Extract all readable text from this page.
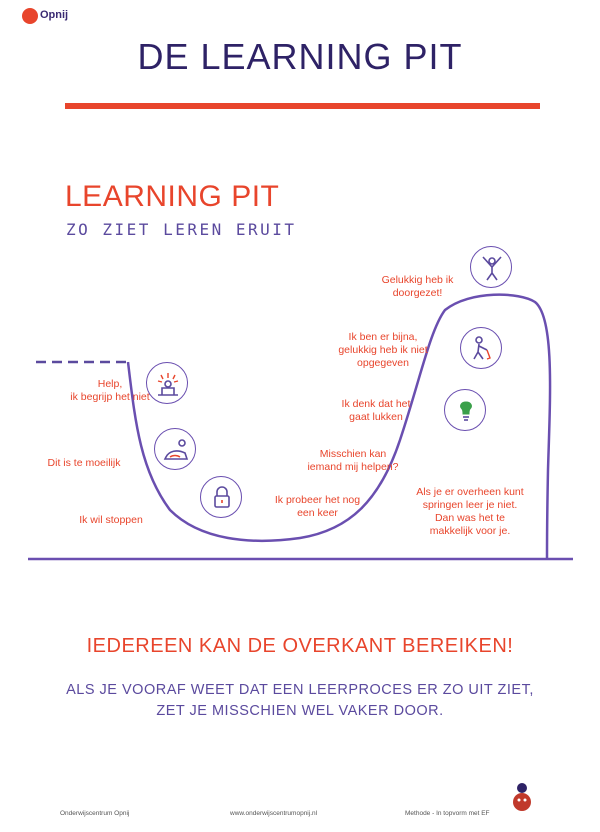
Opnij
DE LEARNING PIT
LEARNING PIT
ZO ZIET LEREN ERUIT
Help,
ik begrijp het niet
Dit is te moeilijk
Ik wil stoppen
Ik probeer het nog
een keer
Misschien kan
iemand mij helpen?
Ik denk dat het
gaat lukken
Ik ben er bijna,
gelukkig heb ik niet
opgegeven
Gelukkig heb ik
doorgezet!
Als je er overheen kunt
springen leer je niet.
Dan was het te
makkelijk voor je.
IEDEREEN KAN DE OVERKANT BEREIKEN!
ALS JE VOORAF WEET DAT EEN LEERPROCES ER ZO UIT ZIET,
ZET JE MISSCHIEN WEL VAKER DOOR.
Onderwijscentrum Opnij	www.onderwijscentrumopnij.nl	Methode - In topvorm met EF
